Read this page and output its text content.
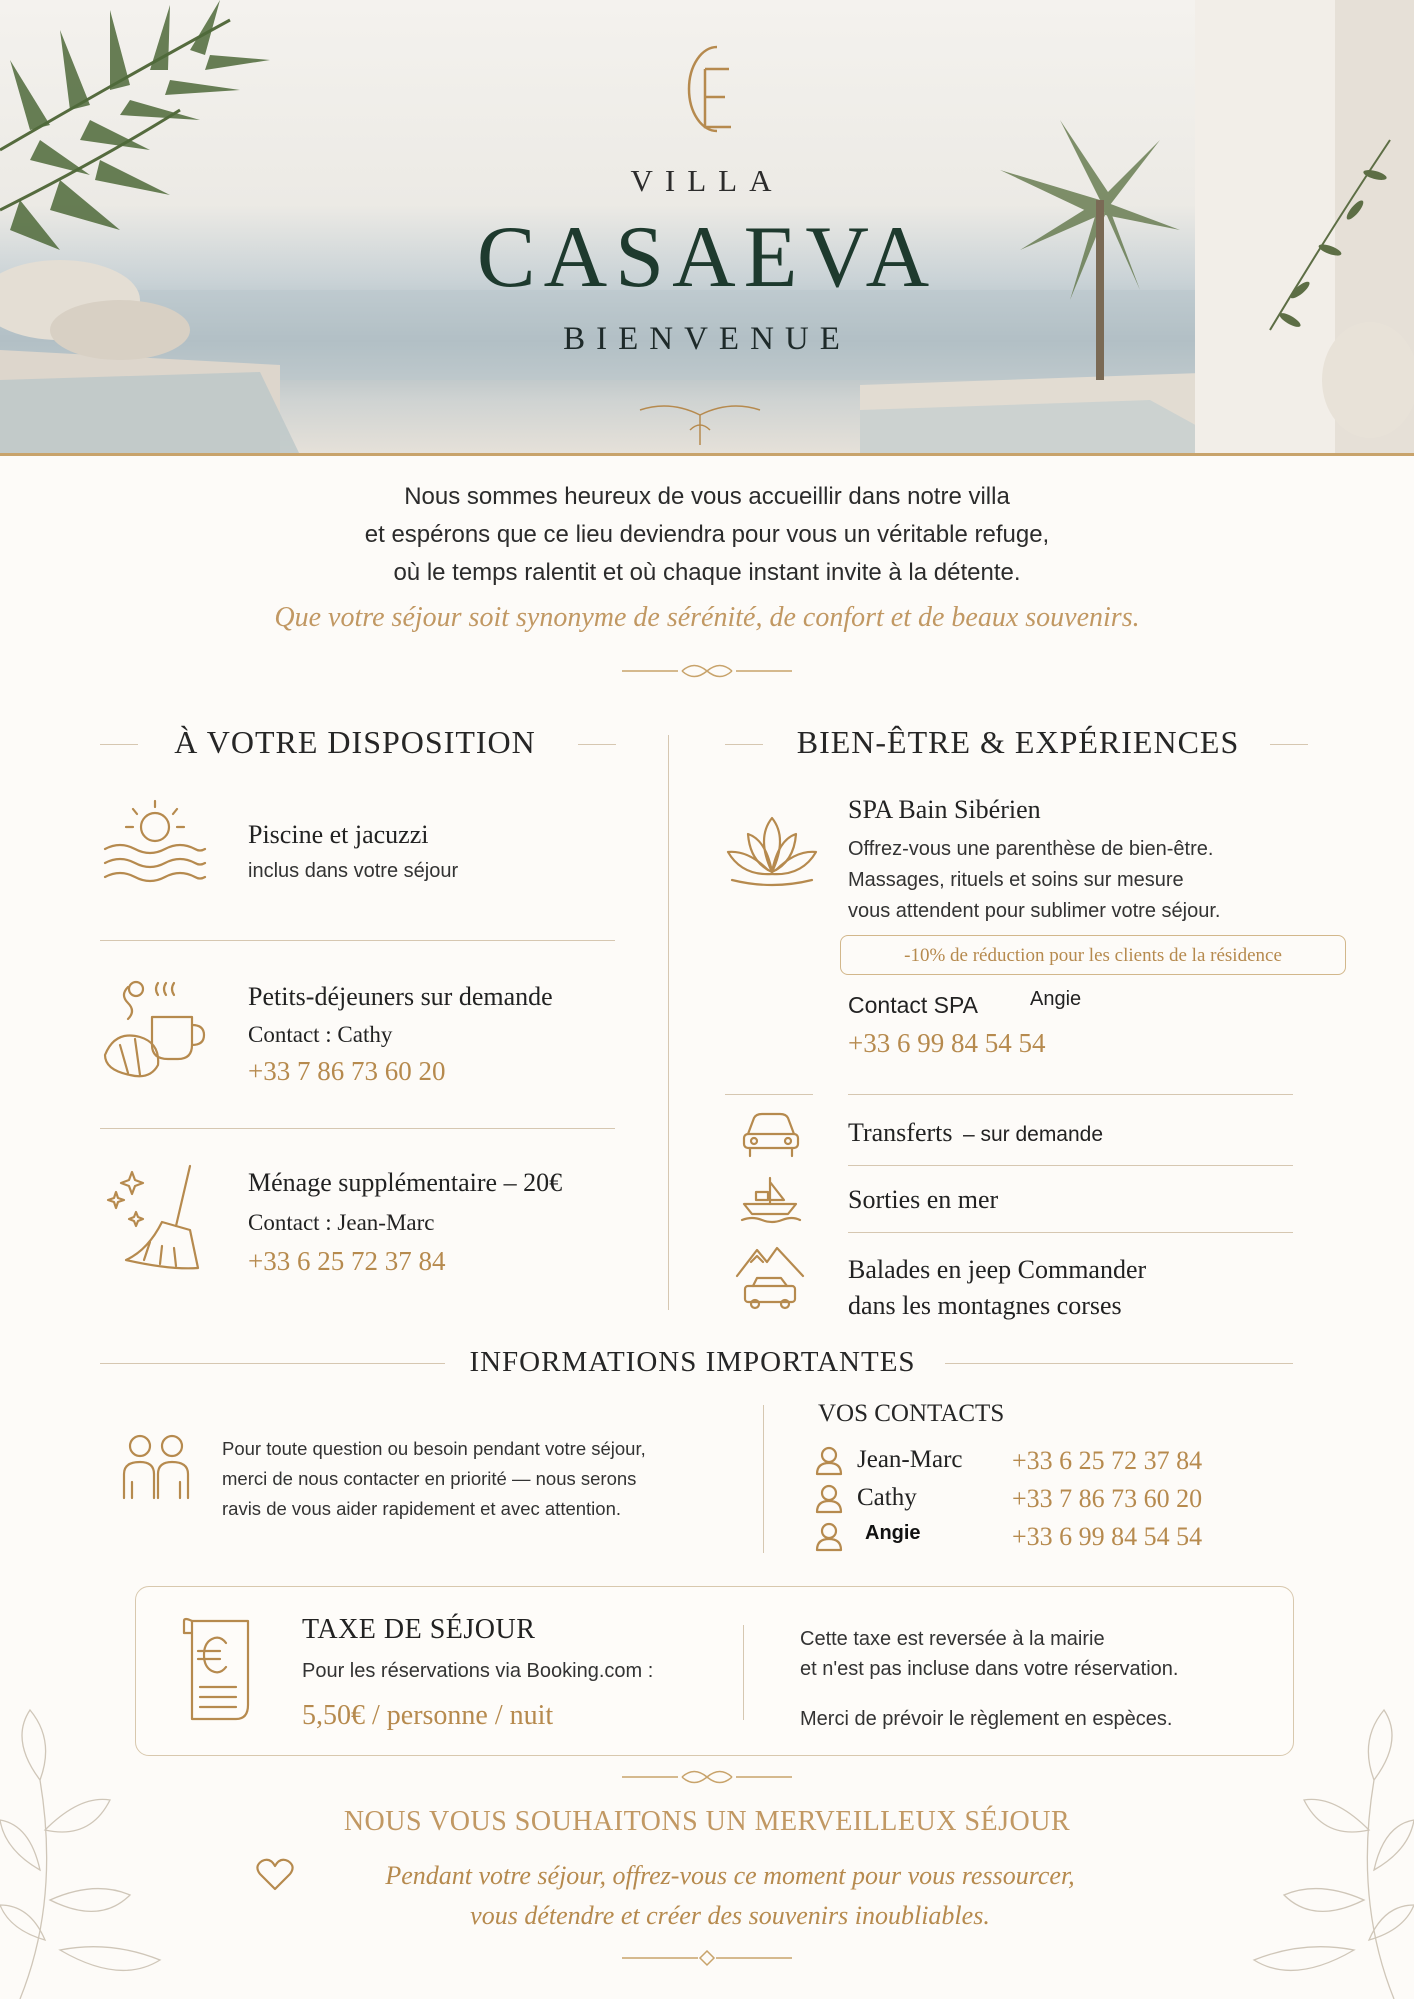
VILLA
CASAEVA
BIENVENUE
Nous sommes heureux de vous accueillir dans notre villa
et espérons que ce lieu deviendra pour vous un véritable refuge,
où le temps ralentit et où chaque instant invite à la détente.
Que votre séjour soit synonyme de sérénité, de confort et de beaux souvenirs.
À VOTRE DISPOSITION
Piscine et jacuzzi
inclus dans votre séjour
Petits-déjeuners sur demande
Contact : Cathy
+33 7 86 73 60 20
Ménage supplémentaire – 20€
Contact : Jean-Marc
+33 6 25 72 37 84
BIEN-ÊTRE & EXPÉRIENCES
SPA Bain Sibérien
Offrez-vous une parenthèse de bien-être.
Massages, rituels et soins sur mesure
vous attendent pour sublimer votre séjour.
-10% de réduction pour les clients de la résidence
Contact SPA	Angie
+33 6 99 84 54 54
Transferts – sur demande
Sorties en mer
Balades en jeep Commander
dans les montagnes corses
INFORMATIONS IMPORTANTES
Pour toute question ou besoin pendant votre séjour,
merci de nous contacter en priorité — nous serons
ravis de vous aider rapidement et avec attention.
VOS CONTACTS
Jean-Marc +33 6 25 72 37 84
Cathy	+33 7 86 73 60 20
Angie	+33 6 99 84 54 54
TAXE DE SÉJOUR
Pour les réservations via Booking.com :
5,50€ / personne / nuit
Cette taxe est reversée à la mairie
et n'est pas incluse dans votre réservation.
Merci de prévoir le règlement en espèces.
NOUS VOUS SOUHAITONS UN MERVEILLEUX SÉJOUR
Pendant votre séjour, offrez-vous ce moment pour vous ressourcer,
vous détendre et créer des souvenirs inoubliables.
